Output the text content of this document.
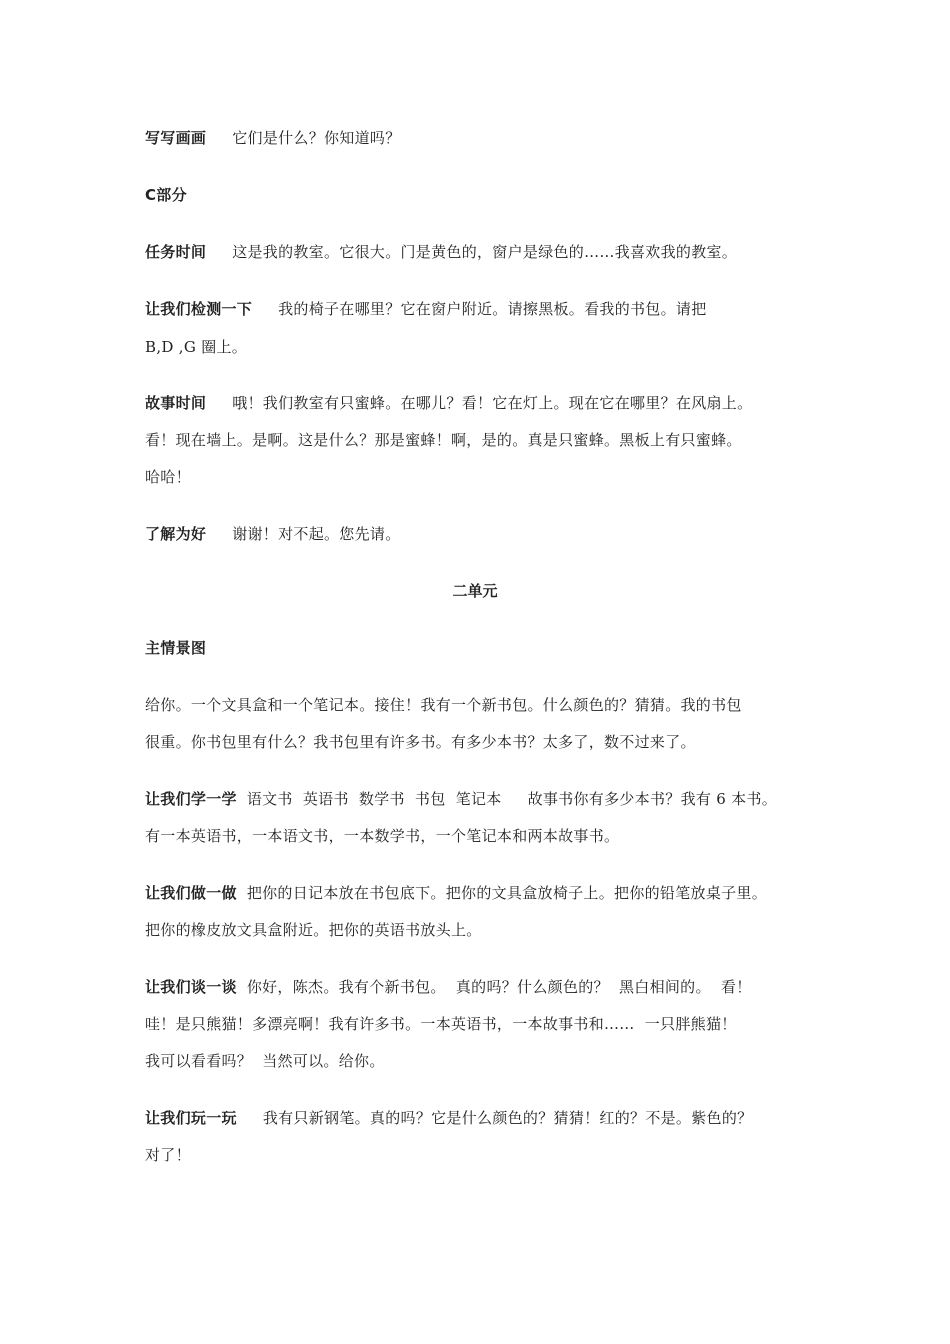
写写画画 它们是什么？你知道吗？
C部分
任务时间 这是我的教室。它很大。门是黄色的，窗户是绿色的……我喜欢我的教室。
让我们检测一下 我的椅子在哪里？它在窗户附近。请擦黑板。看我的书包。请把
B,D ,G 圈上。
故事时间 哦！我们教室有只蜜蜂。在哪儿？看！它在灯上。现在它在哪里？在风扇上。
看！现在墙上。是啊。这是什么？那是蜜蜂！啊，是的。真是只蜜蜂。黑板上有只蜜蜂。
哈哈！
了解为好 谢谢！对不起。您先请。
二单元
主情景图
给你。一个文具盒和一个笔记本。接住！我有一个新书包。什么颜色的？猜猜。我的书包
很重。你书包里有什么？我书包里有许多书。有多少本书？太多了，数不过来了。
让我们学一学 语文书  英语书  数学书  书包  笔记本 故事书你有多少本书？我有 6 本书。
有一本英语书，一本语文书，一本数学书，一个笔记本和两本故事书。
让我们做一做 把你的日记本放在书包底下。把你的文具盒放椅子上。把你的铅笔放桌子里。
把你的橡皮放文具盒附近。把你的英语书放头上。
让我们谈一谈 你好，陈杰。我有个新书包。  真的吗？什么颜色的？  黑白相间的。  看！
哇！是只熊猫！多漂亮啊！我有许多书。一本英语书，一本故事书和……  一只胖熊猫！
我可以看看吗？  当然可以。给你。
让我们玩一玩 我有只新钢笔。真的吗？它是什么颜色的？猜猜！红的？不是。紫色的？
对了！
